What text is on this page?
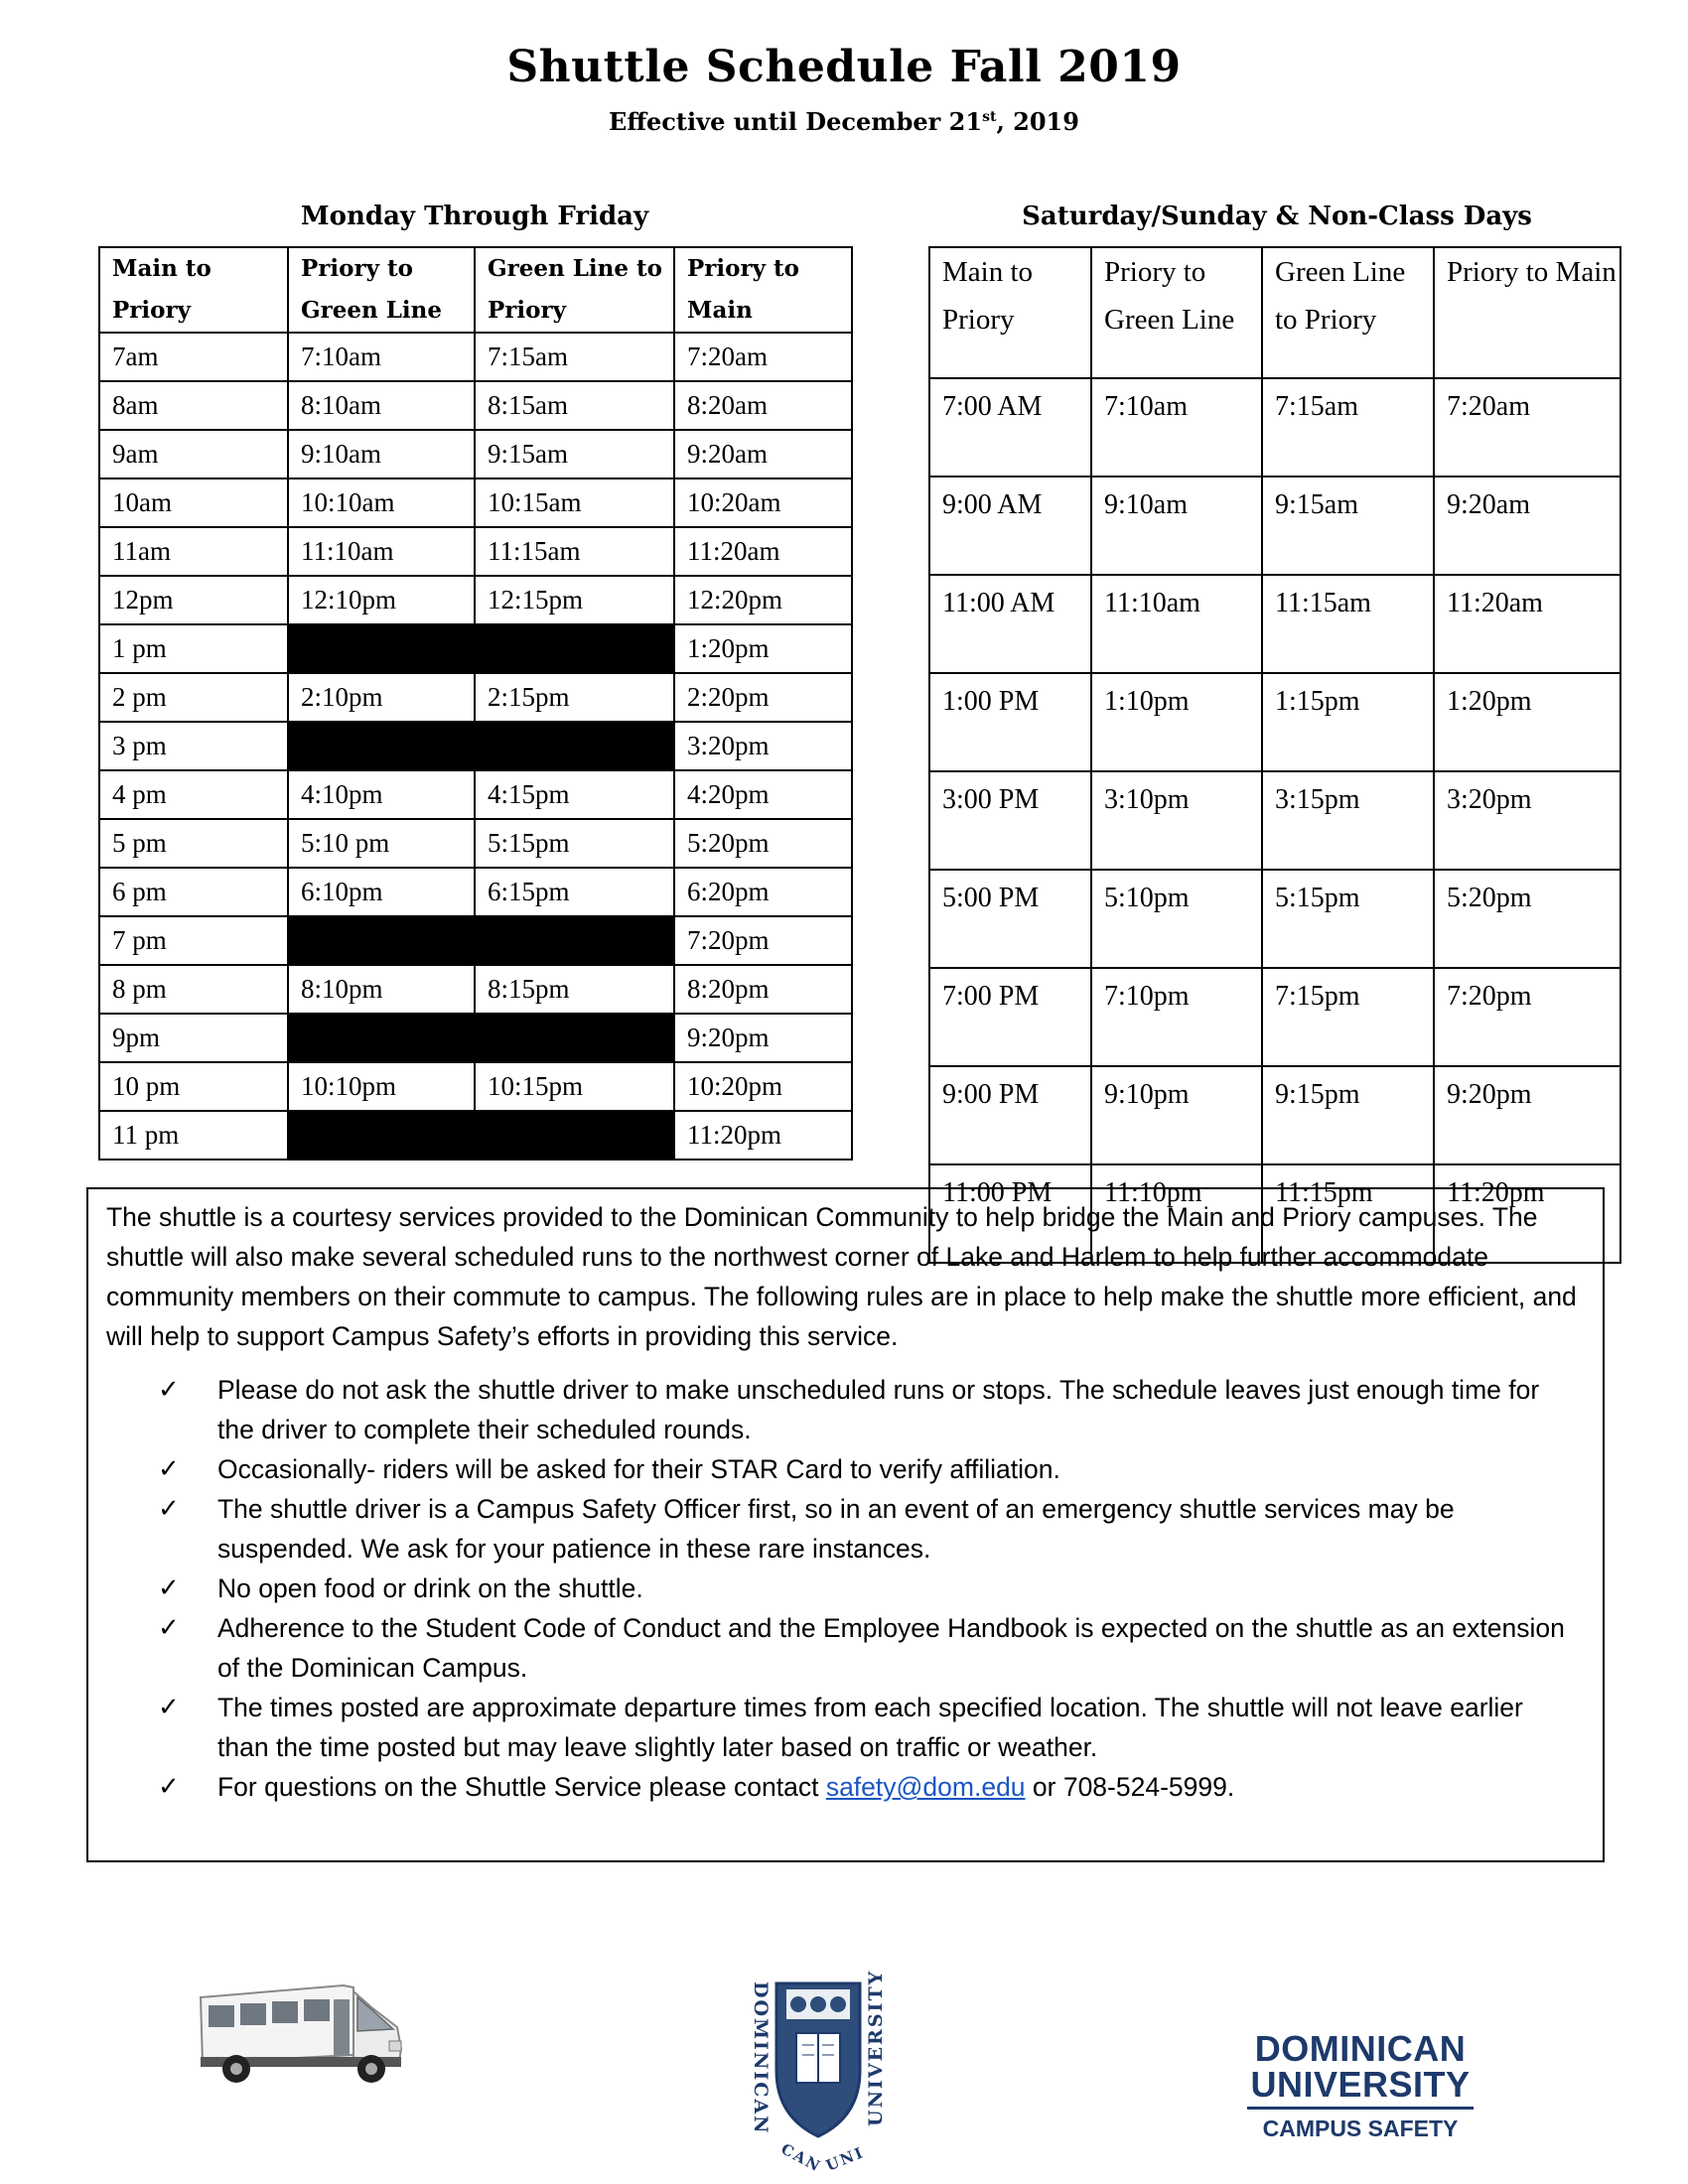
Shuttle Schedule Fall 2019
Effective until December 21st, 2019
Monday Through Friday	Saturday/Sunday & Non-Class Days
Main to Priory	Priory to Green Line	Green Line to Priory	Priory to Main
7am	7:10am	7:15am	7:20am
8am	8:10am	8:15am	8:20am
9am	9:10am	9:15am	9:20am
10am	10:10am	10:15am	10:20am
11am	11:10am	11:15am	11:20am
12pm	12:10pm	12:15pm	12:20pm
1 pm			1:20pm
2 pm	2:10pm	2:15pm	2:20pm
3 pm			3:20pm
4 pm	4:10pm	4:15pm	4:20pm
5 pm	5:10 pm	5:15pm	5:20pm
6 pm	6:10pm	6:15pm	6:20pm
7 pm			7:20pm
8 pm	8:10pm	8:15pm	8:20pm
9pm			9:20pm
10 pm	10:10pm	10:15pm	10:20pm
11 pm			11:20pm
Main to Priory	Priory to Green Line	Green Line to Priory	Priory to Main
7:00 AM	7:10am	7:15am	7:20am
9:00 AM	9:10am	9:15am	9:20am
11:00 AM	11:10am	11:15am	11:20am
1:00 PM	1:10pm	1:15pm	1:20pm
3:00 PM	3:10pm	3:15pm	3:20pm
5:00 PM	5:10pm	5:15pm	5:20pm
7:00 PM	7:10pm	7:15pm	7:20pm
9:00 PM	9:10pm	9:15pm	9:20pm
11:00 PM	11:10pm	11:15pm	11:20pm

The shuttle is a courtesy services provided to the Dominican Community to help bridge the Main and Priory campuses. The shuttle will also make several scheduled runs to the northwest corner of Lake and Harlem to help further accommodate community members on their commute to campus. The following rules are in place to help make the shuttle more efficient, and will help to support Campus Safety’s efforts in providing this service.

✓ Please do not ask the shuttle driver to make unscheduled runs or stops. The schedule leaves just enough time for the driver to complete their scheduled rounds.
✓ Occasionally- riders will be asked for their STAR Card to verify affiliation.
✓ The shuttle driver is a Campus Safety Officer first, so in an event of an emergency shuttle services may be suspended. We ask for your patience in these rare instances.
✓ No open food or drink on the shuttle.
✓ Adherence to the Student Code of Conduct and the Employee Handbook is expected on the shuttle as an extension of the Dominican Campus.
✓ The times posted are approximate departure times from each specified location. The shuttle will not leave earlier than the time posted but may leave slightly later based on traffic or weather.
✓ For questions on the Shuttle Service please contact safety@dom.edu or 708-524-5999.
DOMINICAN	UNIVERSITY
CAN
UNI
DOMINICAN
UNIVERSITY
CAMPUS SAFETY
